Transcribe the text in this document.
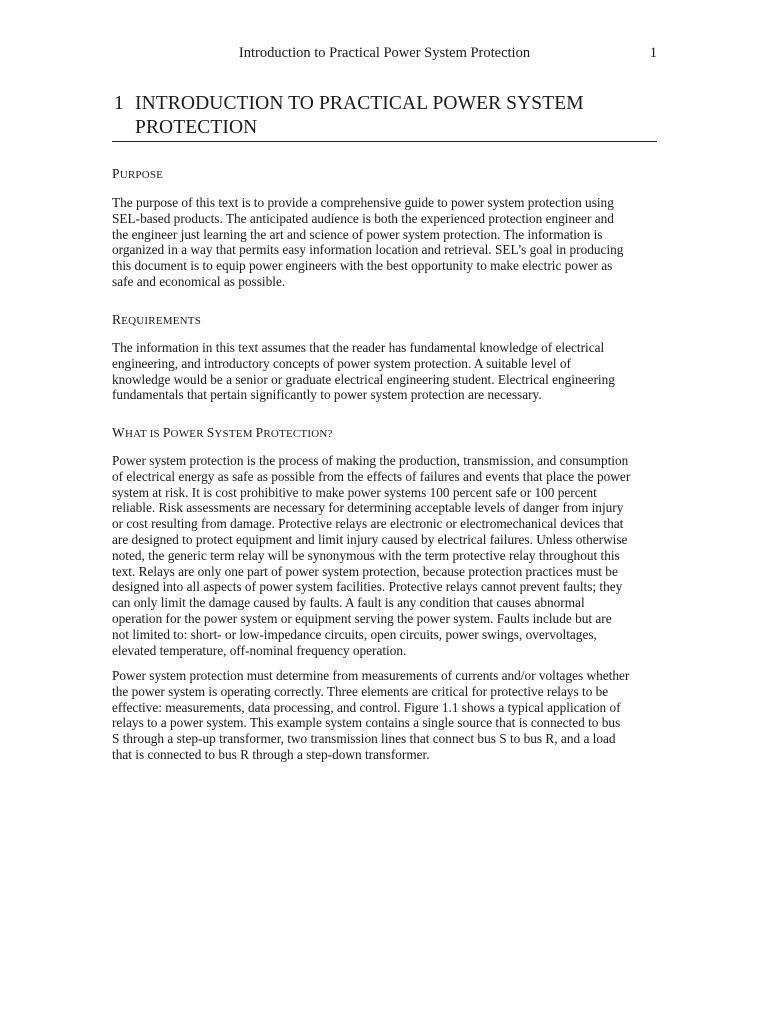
Introduction to Practical Power System Protection	1
1 INTRODUCTION TO PRACTICAL POWER SYSTEM
PROTECTION
PURPOSE
The purpose of this text is to provide a comprehensive guide to power system protection using
SEL-based products. The anticipated audience is both the experienced protection engineer and
the engineer just learning the art and science of power system protection. The information is
organized in a way that permits easy information location and retrieval. SEL’s goal in producing
this document is to equip power engineers with the best opportunity to make electric power as
safe and economical as possible.
REQUIREMENTS
The information in this text assumes that the reader has fundamental knowledge of electrical
engineering, and introductory concepts of power system protection. A suitable level of
knowledge would be a senior or graduate electrical engineering student. Electrical engineering
fundamentals that pertain significantly to power system protection are necessary.
WHAT IS POWER SYSTEM PROTECTION?
Power system protection is the process of making the production, transmission, and consumption
of electrical energy as safe as possible from the effects of failures and events that place the power
system at risk. It is cost prohibitive to make power systems 100 percent safe or 100 percent
reliable. Risk assessments are necessary for determining acceptable levels of danger from injury
or cost resulting from damage. Protective relays are electronic or electromechanical devices that
are designed to protect equipment and limit injury caused by electrical failures. Unless otherwise
noted, the generic term relay will be synonymous with the term protective relay throughout this
text. Relays are only one part of power system protection, because protection practices must be
designed into all aspects of power system facilities. Protective relays cannot prevent faults; they
can only limit the damage caused by faults. A fault is any condition that causes abnormal
operation for the power system or equipment serving the power system. Faults include but are
not limited to: short- or low-impedance circuits, open circuits, power swings, overvoltages,
elevated temperature, off-nominal frequency operation.
Power system protection must determine from measurements of currents and/or voltages whether
the power system is operating correctly. Three elements are critical for protective relays to be
effective: measurements, data processing, and control. Figure 1.1 shows a typical application of
relays to a power system. This example system contains a single source that is connected to bus
S through a step-up transformer, two transmission lines that connect bus S to bus R, and a load
that is connected to bus R through a step-down transformer.
